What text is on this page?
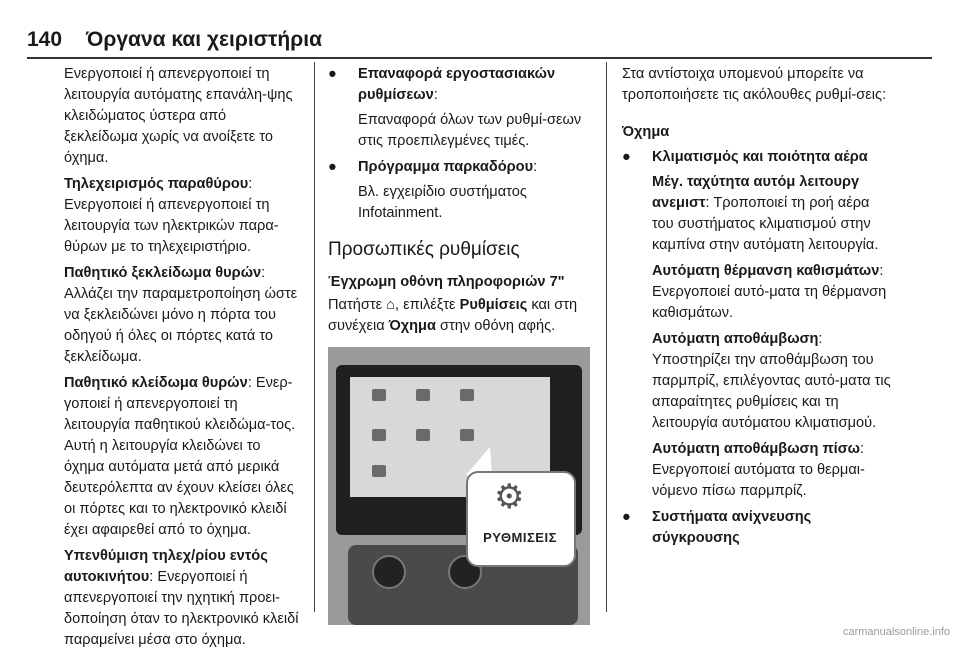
140 Όργανα και χειριστήρια

Ενεργοποιεί ή απενεργοποιεί τη λειτουργία αυτόματης επανάλη-ψης κλειδώματος ύστερα από ξεκλείδωμα χωρίς να ανοίξετε το όχημα.

Τηλεχειρισμός παραθύρου: Ενεργοποιεί ή απενεργοποιεί τη λειτουργία των ηλεκτρικών παρα-θύρων με το τηλεχειριστήριο.

Παθητικό ξεκλείδωμα θυρών: Αλλάζει την παραμετροποίηση ώστε να ξεκλειδώνει μόνο η πόρτα του οδηγού ή όλες οι πόρτες κατά το ξεκλείδωμα.

Παθητικό κλείδωμα θυρών: Ενερ-γοποιεί ή απενεργοποιεί τη λειτουργία παθητικού κλειδώμα-τος. Αυτή η λειτουργία κλειδώνει το όχημα αυτόματα μετά από μερικά δευτερόλεπτα αν έχουν κλείσει όλες οι πόρτες και το ηλεκτρονικό κλειδί έχει αφαιρεθεί από το όχημα.

Υπενθύμιση τηλεχ/ρίου εντός αυτοκινήτου: Ενεργοποιεί ή απενεργοποιεί την ηχητική προει-δοποίηση όταν το ηλεκτρονικό κλειδί παραμείνει μέσα στο όχημα.

● Επαναφορά εργοστασιακών ρυθμίσεων:

Επαναφορά όλων των ρυθμί-σεων στις προεπιλεγμένες τιμές.

● Πρόγραμμα παρκαδόρου:

Βλ. εγχειρίδιο συστήματος Infotainment.

Προσωπικές ρυθμίσεις
Έγχρωμη οθόνη πληροφοριών 7"

Πατήστε ⌂, επιλέξτε Ρυθμίσεις και στη συνέχεια Όχημα στην οθόνη αφής.

⚙
ΡΥΘΜΙΣΕΙΣ

Στα αντίστοιχα υπομενού μπορείτε να τροποποιήσετε τις ακόλουθες ρυθμί-σεις:

Όχημα
● Κλιματισμός και ποιότητα αέρα

Μέγ. ταχύτητα αυτόμ λειτουργ ανεμιστ: Τροποποιεί τη ροή αέρα του συστήματος κλιματισμού στην καμπίνα στην αυτόματη λειτουργία.

Αυτόματη θέρμανση καθισμάτων: Ενεργοποιεί αυτό-ματα τη θέρμανση καθισμάτων.

Αυτόματη αποθάμβωση: Υποστηρίζει την αποθάμβωση του παρμπρίζ, επιλέγοντας αυτό-ματα τις απαραίτητες ρυθμίσεις και τη λειτουργία αυτόματου κλιματισμού.

Αυτόματη αποθάμβωση πίσω: Ενεργοποιεί αυτόματα το θερμαι-νόμενο πίσω παρμπρίζ.

● Συστήματα ανίχνευσης σύγκρουσης
carmanualsonline.info
